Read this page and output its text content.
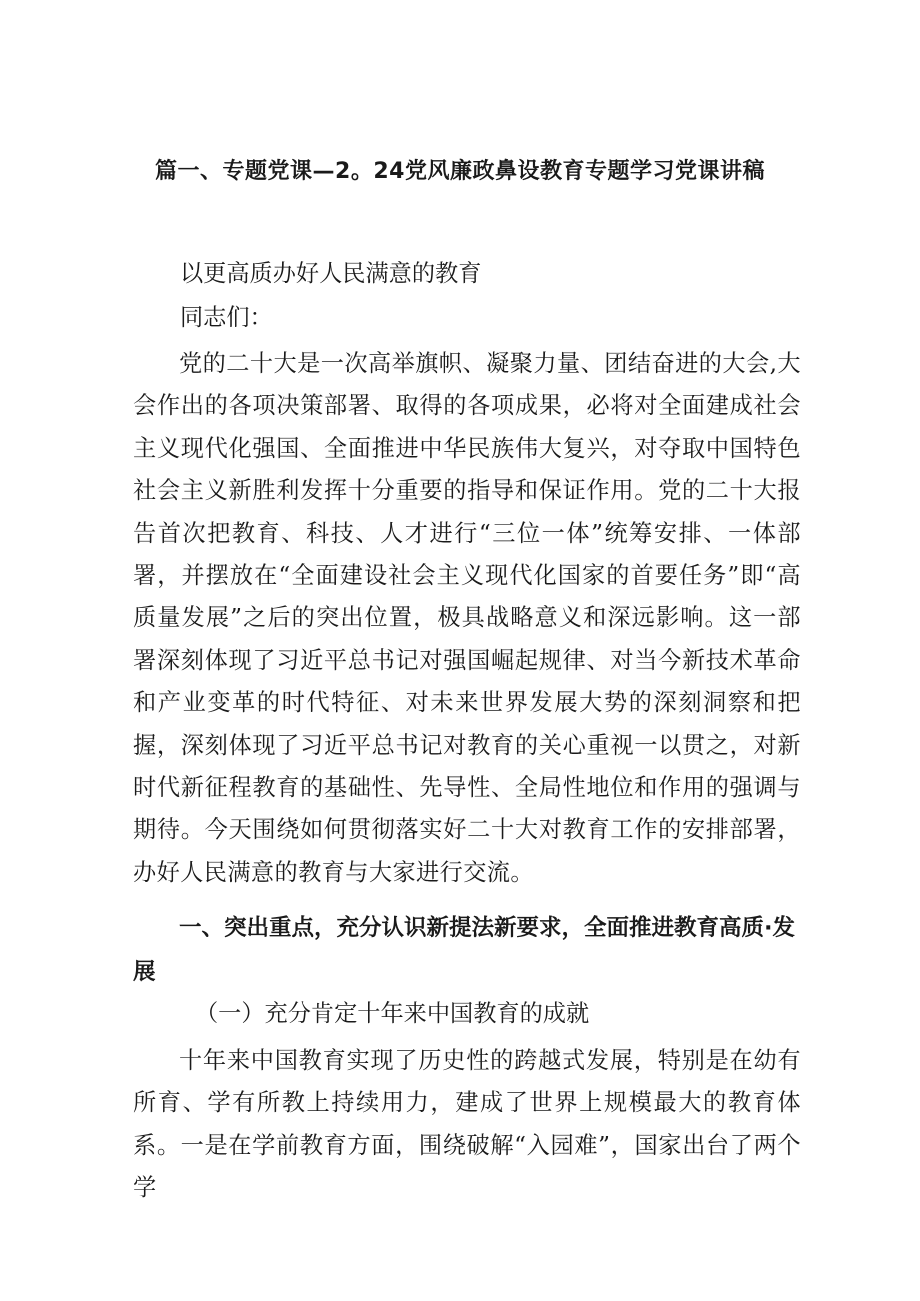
篇一、专题党课—2。24党风廉政鼻设教育专题学习党课讲稿
以更高质办好人民满意的教育
同志们：
党的二十大是一次高举旗帜、凝聚力量、团结奋进的大会,大会作出的各项决策部署、取得的各项成果，必将对全面建成社会主义现代化强国、全面推进中华民族伟大复兴，对夺取中国特色社会主义新胜利发挥十分重要的指导和保证作用。党的二十大报告首次把教育、科技、人才进行“三位一体”统筹安排、一体部署，并摆放在“全面建设社会主义现代化国家的首要任务”即“高质量发展”之后的突出位置，极具战略意义和深远影响。这一部署深刻体现了习近平总书记对强国崛起规律、对当今新技术革命和产业变革的时代特征、对未来世界发展大势的深刻洞察和把握，深刻体现了习近平总书记对教育的关心重视一以贯之，对新时代新征程教育的基础性、先导性、全局性地位和作用的强调与期待。今天围绕如何贯彻落实好二十大对教育工作的安排部署，办好人民满意的教育与大家进行交流。
一、突出重点，充分认识新提法新要求，全面推进教育高质·发展
（一）充分肯定十年来中国教育的成就
十年来中国教育实现了历史性的跨越式发展，特别是在幼有所育、学有所教上持续用力，建成了世界上规模最大的教育体系。一是在学前教育方面，围绕破解“入园难”，国家出台了两个学
